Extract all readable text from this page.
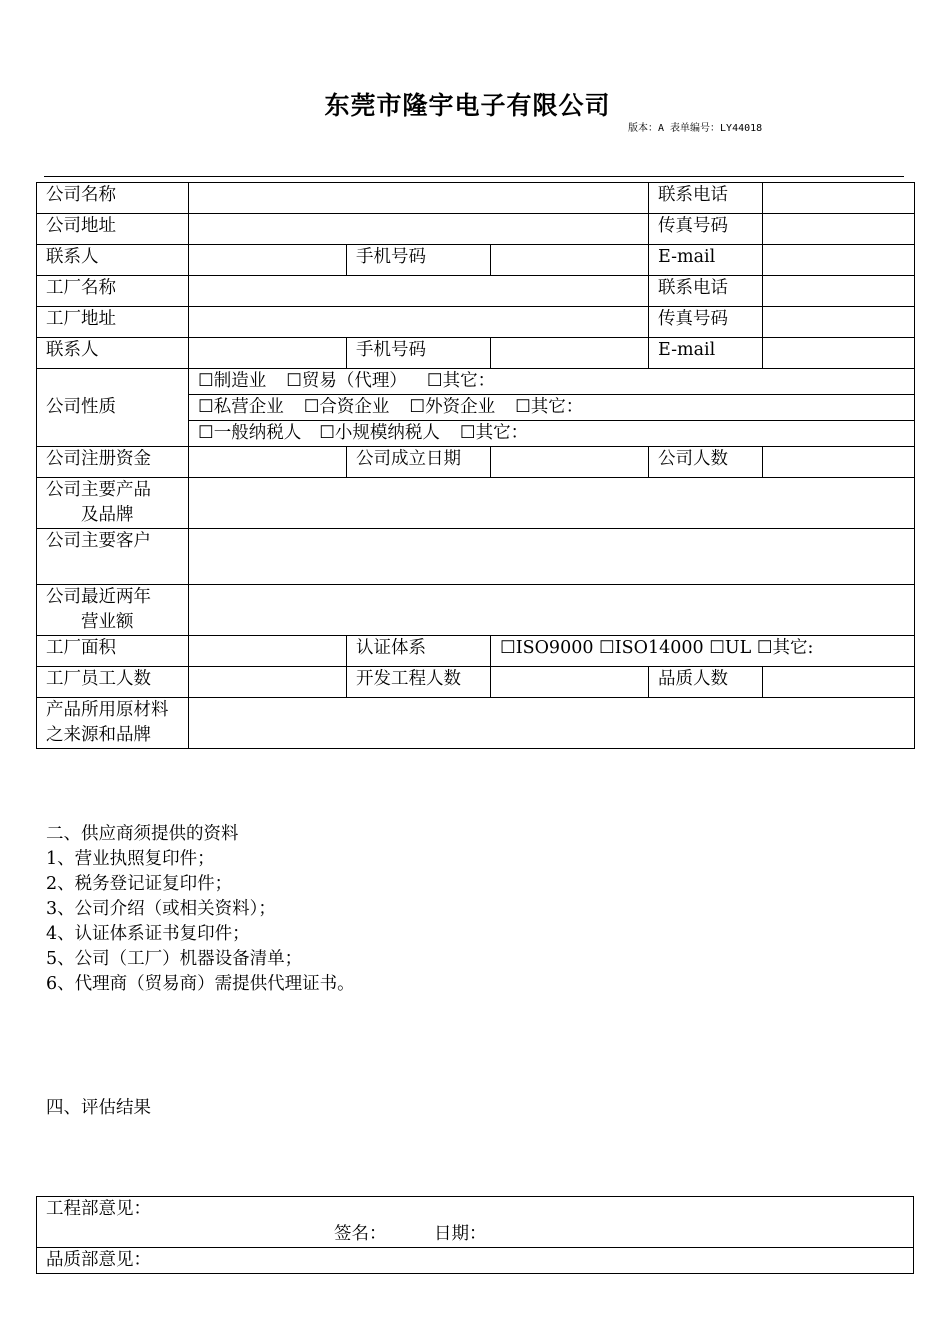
东莞市隆宇电子有限公司
版本：A 表单编号：LY44018
公司名称				联系电话	
公司地址				传真号码	
联系人		手机号码		E-mail	
工厂名称				联系电话	
工厂地址				传真号码	
联系人		手机号码		E-mail	
公司性质	☐制造业 ☐贸易（代理） ☐其它：				
	☐私营企业 ☐合资企业 ☐外资企业 ☐其它：				
	☐一般纳税人 ☐小规模纳税人 ☐其它：				
公司注册资金		公司成立日期		公司人数	

公司主要产品
及品牌					

公司主要客户					

公司最近两年
营业额					

工厂面积		认证体系	☐ISO9000 ☐ISO14000 ☐UL ☐其它:		
工厂员工人数		开发工程人数		品质人数	

产品所用原材料
之来源和品牌					

二、供应商须提供的资料
1、营业执照复印件；
2、税务登记证复印件；
3、公司介绍（或相关资料）；
4、认证体系证书复印件；
5、公司（工厂）机器设备清单；
6、代理商（贸易商）需提供代理证书。
四、评估结果
工程部意见：
签名：	日期：

品质部意见：
